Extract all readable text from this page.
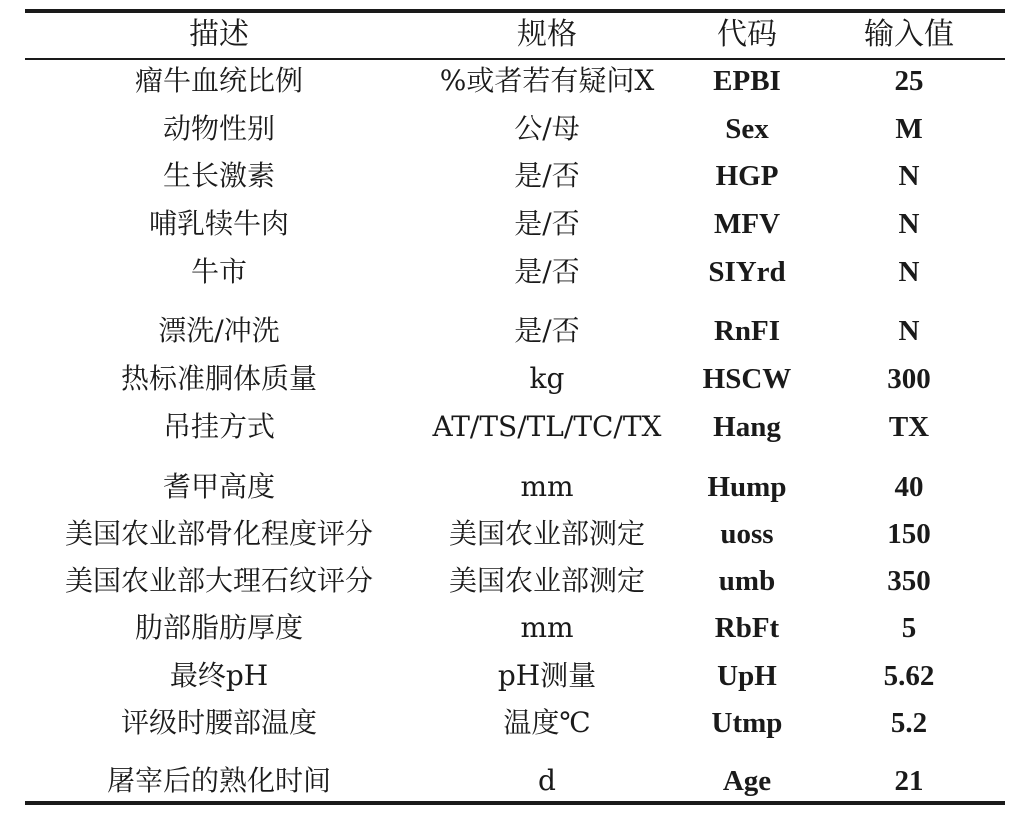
描述	规格	代码	输入值
瘤牛血统比例	%或者若有疑问X	EPBI	25
动物性别	公/母	Sex	M
生长激素	是/否	HGP	N
哺乳犊牛肉	是/否	MFV	N
牛市	是/否	SIYrd	N
漂洗/冲洗	是/否	RnFI	N
热标准胴体质量	kg	HSCW	300
吊挂方式	AT/TS/TL/TC/TX	Hang	TX
耆甲高度	mm	Hump	40
美国农业部骨化程度评分	美国农业部测定	uoss	150
美国农业部大理石纹评分	美国农业部测定	umb	350
肋部脂肪厚度	mm	RbFt	5
最终pH	pH测量	UpH	5.62
评级时腰部温度	温度℃	Utmp	5.2
屠宰后的熟化时间	d	Age	21
